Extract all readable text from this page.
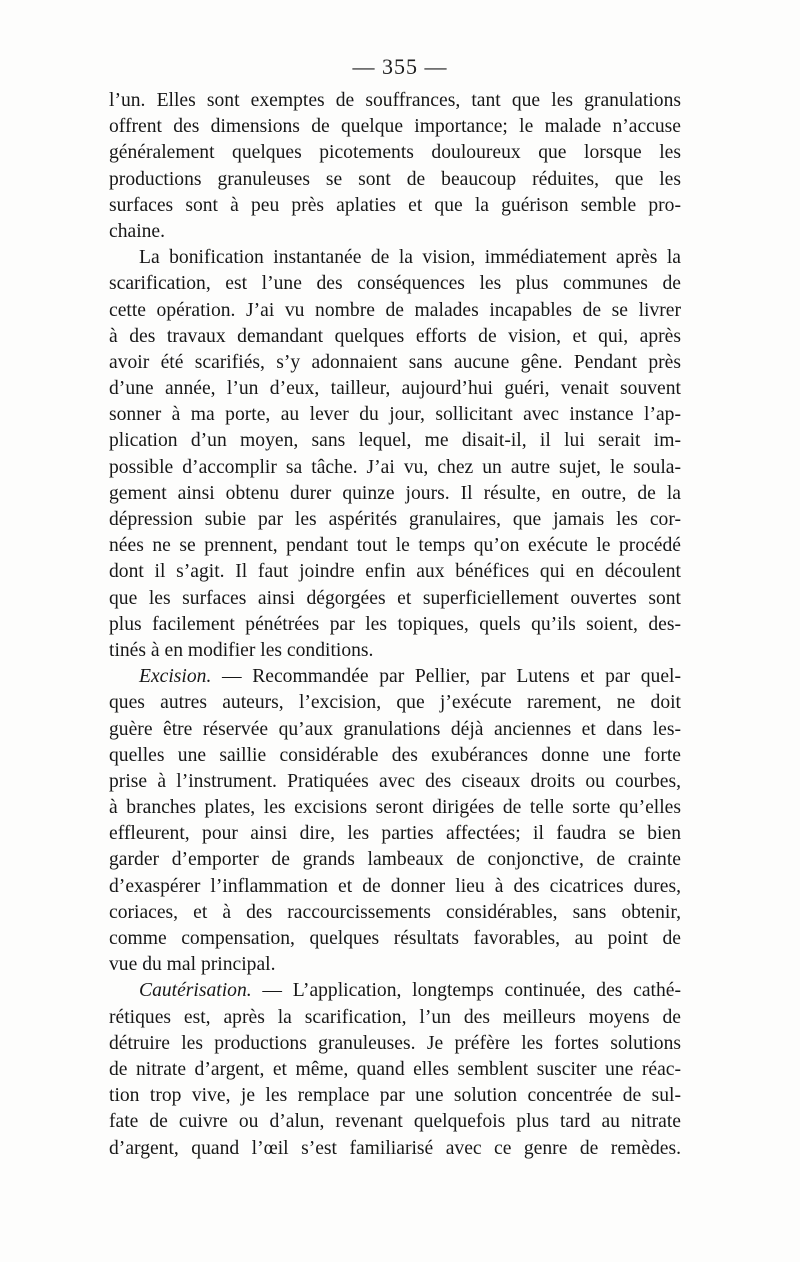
— 355 —
l’un. Elles sont exemptes de souffrances, tant que les granulations
offrent des dimensions de quelque importance; le malade n’accuse
généralement quelques picotements douloureux que lorsque les
productions granuleuses se sont de beaucoup réduites, que les
surfaces sont à peu près aplaties et que la guérison semble pro-
chaine.
La bonification instantanée de la vision, immédiatement après la
scarification, est l’une des conséquences les plus communes de
cette opération. J’ai vu nombre de malades incapables de se livrer
à des travaux demandant quelques efforts de vision, et qui, après
avoir été scarifiés, s’y adonnaient sans aucune gêne. Pendant près
d’une année, l’un d’eux, tailleur, aujourd’hui guéri, venait souvent
sonner à ma porte, au lever du jour, sollicitant avec instance l’ap-
plication d’un moyen, sans lequel, me disait-il, il lui serait im-
possible d’accomplir sa tâche. J’ai vu, chez un autre sujet, le soula-
gement ainsi obtenu durer quinze jours. Il résulte, en outre, de la
dépression subie par les aspérités granulaires, que jamais les cor-
nées ne se prennent, pendant tout le temps qu’on exécute le procédé
dont il s’agit. Il faut joindre enfin aux bénéfices qui en découlent
que les surfaces ainsi dégorgées et superficiellement ouvertes sont
plus facilement pénétrées par les topiques, quels qu’ils soient, des-
tinés à en modifier les conditions.
Excision. — Recommandée par Pellier, par Lutens et par quel-
ques autres auteurs, l’excision, que j’exécute rarement, ne doit
guère être réservée qu’aux granulations déjà anciennes et dans les-
quelles une saillie considérable des exubérances donne une forte
prise à l’instrument. Pratiquées avec des ciseaux droits ou courbes,
à branches plates, les excisions seront dirigées de telle sorte qu’elles
effleurent, pour ainsi dire, les parties affectées; il faudra se bien
garder d’emporter de grands lambeaux de conjonctive, de crainte
d’exaspérer l’inflammation et de donner lieu à des cicatrices dures,
coriaces, et à des raccourcissements considérables, sans obtenir,
comme compensation, quelques résultats favorables, au point de
vue du mal principal.
Cautérisation. — L’application, longtemps continuée, des cathé-
rétiques est, après la scarification, l’un des meilleurs moyens de
détruire les productions granuleuses. Je préfère les fortes solutions
de nitrate d’argent, et même, quand elles semblent susciter une réac-
tion trop vive, je les remplace par une solution concentrée de sul-
fate de cuivre ou d’alun, revenant quelquefois plus tard au nitrate
d’argent, quand l’œil s’est familiarisé avec ce genre de remèdes.
